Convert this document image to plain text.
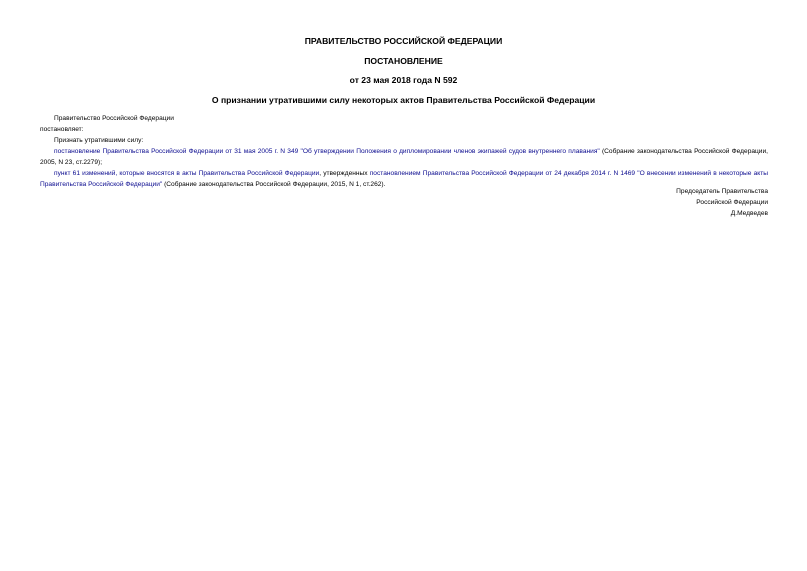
ПРАВИТЕЛЬСТВО РОССИЙСКОЙ ФЕДЕРАЦИИ
ПОСТАНОВЛЕНИЕ
от 23 мая 2018 года N 592
О признании утратившими силу некоторых актов Правительства Российской Федерации

Правительство Российской Федерации

постановляет:

Признать утратившими силу:

постановление Правительства Российской Федерации от 31 мая 2005 г. N 349 "Об утверждении Положения о дипломировании членов экипажей судов внутреннего плавания" (Собрание законодательства Российской Федерации, 2005, N 23, ст.2279);

пункт 61 изменений, которые вносятся в акты Правительства Российской Федерации, утвержденных постановлением Правительства Российской Федерации от 24 декабря 2014 г. N 1469 "О внесении изменений в некоторые акты Правительства Российской Федерации" (Собрание законодательства Российской Федерации, 2015, N 1, ст.262).

Председатель Правительства
Российской Федерации
Д.Медведев
